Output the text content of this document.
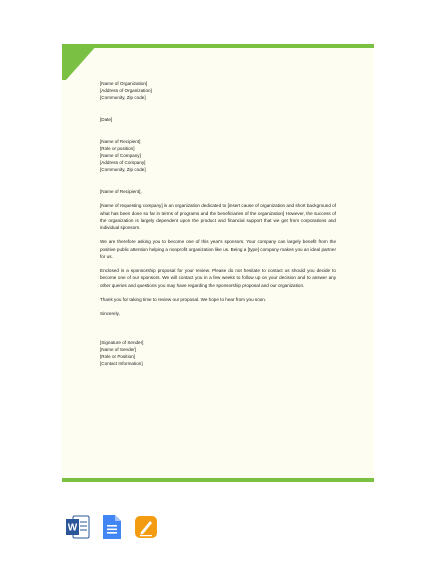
[Name of Organization]
[Address of Organization]
[Community, Zip code]
[Date]
[Name of Recipient]
[Role or position]
[Name of Company]
[Address of Company]
[Community, Zip code]

[Name of Recipient],

[Name of requesting company] is an organization dedicated to [insert cause of organization and short background of what has been done so far in terms of programs and the beneficiaries of the organization] However, the success of the organization is largely dependent upon the product and financial support that we get from corporations and individual sponsors.

We are therefore asking you to become one of this year's sponsors. Your company can largely benefit from the positive public attention helping a nonprofit organization like us. Being a [type] company makes you an ideal partner for us.

Enclosed is a sponsorship proposal for your review. Please do not hesitate to contact us should you decide to become one of our sponsors. We will contact you in a few weeks to follow up on your decision and to answer any other queries and questions you may have regarding the sponsorship proposal and our organization.

Thank you for taking time to review our proposal. We hope to hear from you soon.

Sincerely,

[Signature of Sender]
[Name of Sender]
[Role or Position]
[Contact Information]
W
